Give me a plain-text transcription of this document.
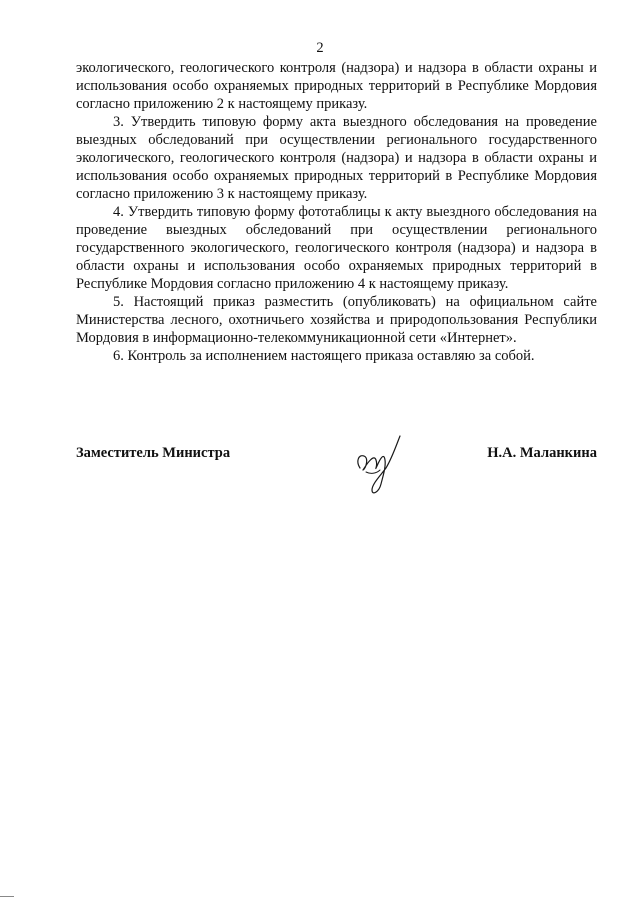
2

экологического, геологического контроля (надзора) и надзора в области охраны и использования особо охраняемых природных территорий в Республике Мордовия согласно приложению 2 к настоящему приказу.

3. Утвердить типовую форму акта выездного обследования на проведение выездных обследований при осуществлении регионального государственного экологического, геологического контроля (надзора) и надзора в области охраны и использования особо охраняемых природных территорий в Республике Мордовия согласно приложению 3 к настоящему приказу.

4. Утвердить типовую форму фототаблицы к акту выездного обследования на проведение выездных обследований при осуществлении регионального государственного экологического, геологического контроля (надзора) и надзора в области охраны и использования особо охраняемых природных территорий в Республике Мордовия согласно приложению 4 к настоящему приказу.

5. Настоящий приказ разместить (опубликовать) на официальном сайте Министерства лесного, охотничьего хозяйства и природопользования Республики Мордовия в информационно-телекоммуникационной сети «Интернет».

6. Контроль за исполнением настоящего приказа оставляю за собой.

Заместитель Министра	Н.А. Маланкина
